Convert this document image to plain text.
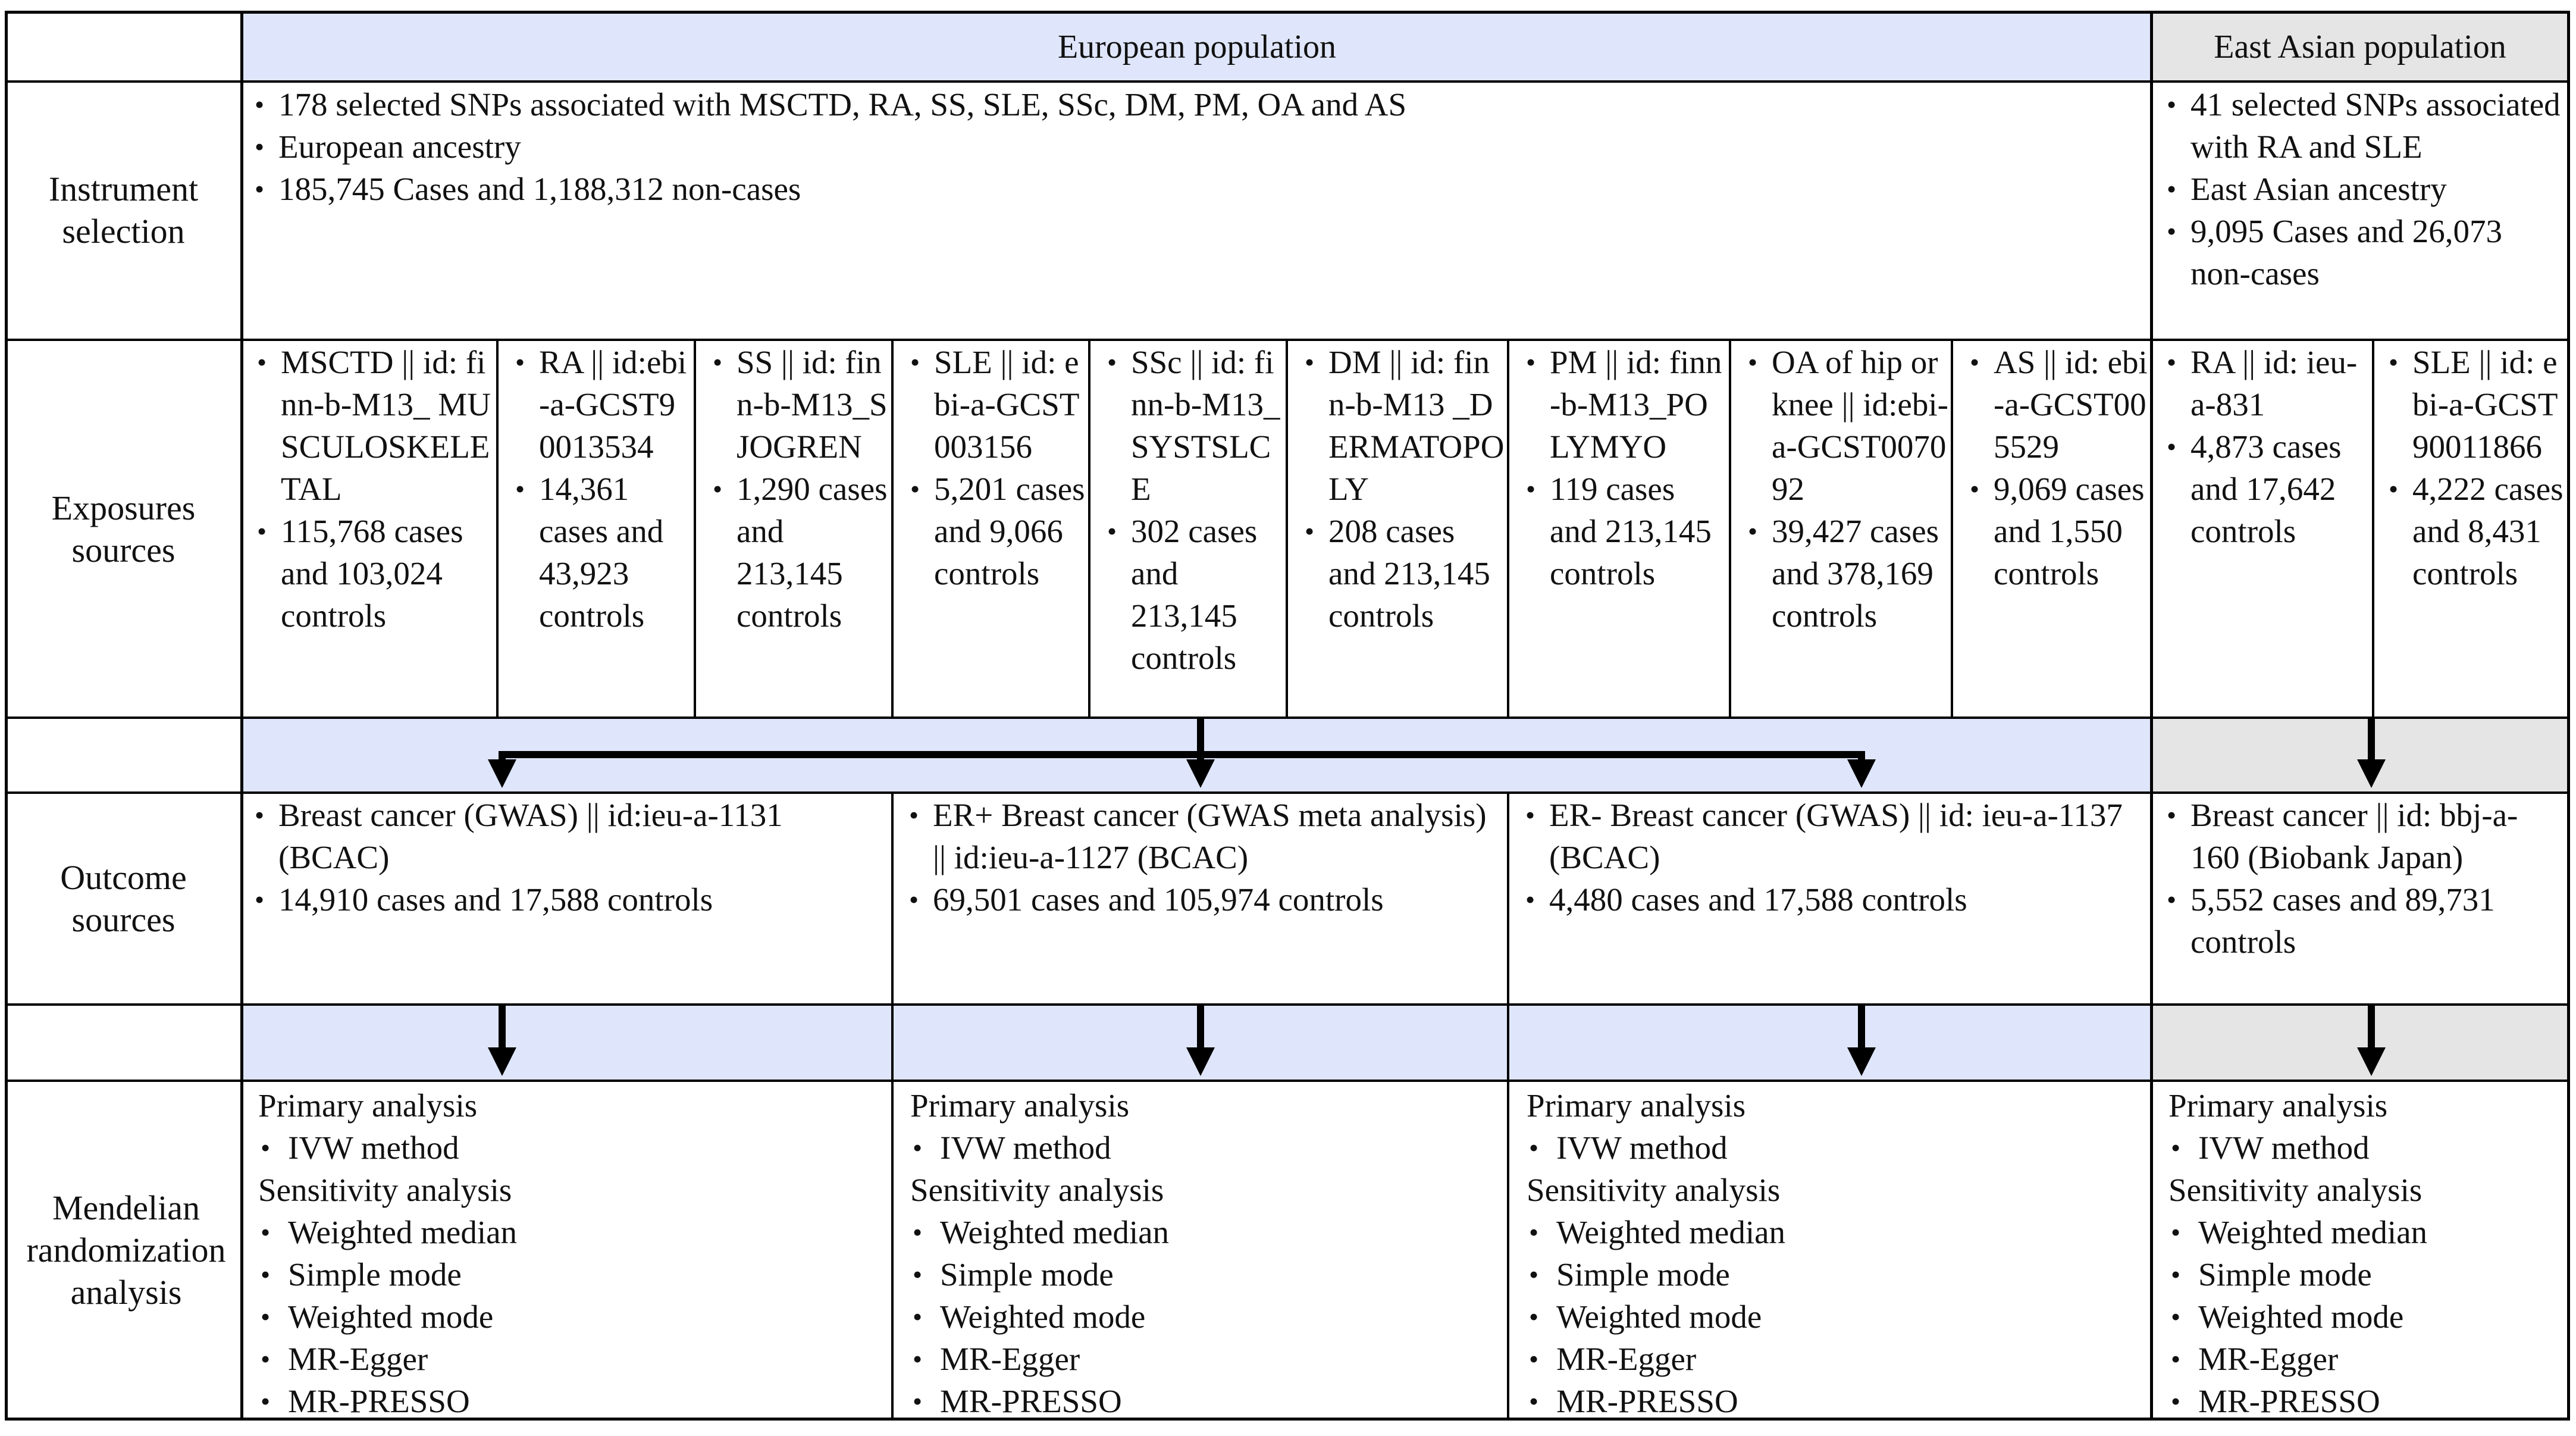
European population	East Asian population
Instrument selection
Exposures sources
Outcome sources
Mendelian randomization analysis
• 178 selected SNPs associated with MSCTD, RA, SS, SLE, SSc, DM, PM, OA and AS
• European ancestry
• 185,745 Cases and 1,188,312 non-cases
• 41 selected SNPs associated with RA and SLE
• East Asian ancestry
• 9,095 Cases and 26,073 non-cases
• MSCTD || id: finn-b-M13_ MUSCULOSKELETAL
• 115,768 cases and 103,024 controls
• RA || id:ebi-a-GCST90013534
• 14,361 cases and 43,923 controls
• SS || id: finn-b-M13_SJOGREN
• 1,290 cases and 213,145 controls
• SLE || id: ebi-a-GCST003156
• 5,201 cases and 9,066 controls
• SSc || id: finn-b-M13_SYSTSLCE
• 302 cases and 213,145 controls
• DM || id: finn-b-M13 _DERMATOPOLY
• 208 cases and 213,145 controls
• PM || id: finn-b-M13_POLYMYO
• 119 cases and 213,145 controls
• OA of hip or knee || id:ebi-a-GCST007092
• 39,427 cases and 378,169 controls
• AS || id: ebi-a-GCST005529
• 9,069 cases and 1,550 controls
• RA || id: ieu-a-831
• 4,873 cases and 17,642 controls
• SLE || id: ebi-a-GCST90011866
• 4,222 cases and 8,431 controls
• Breast cancer (GWAS) || id:ieu-a-1131 (BCAC)
• 14,910 cases and 17,588 controls
• ER+ Breast cancer (GWAS meta analysis) || id:ieu-a-1127 (BCAC)
• 69,501 cases and 105,974 controls
• ER- Breast cancer (GWAS) || id: ieu-a-1137 (BCAC)
• 4,480 cases and 17,588 controls
• Breast cancer || id: bbj-a-160 (Biobank Japan)
• 5,552 cases and 89,731 controls

Primary analysis

• IVW method

Sensitivity analysis

• Weighted median
• Simple mode
• Weighted mode
• MR-Egger
• MR-PRESSO

Primary analysis

• IVW method

Sensitivity analysis

• Weighted median
• Simple mode
• Weighted mode
• MR-Egger
• MR-PRESSO

Primary analysis

• IVW method

Sensitivity analysis

• Weighted median
• Simple mode
• Weighted mode
• MR-Egger
• MR-PRESSO

Primary analysis

• IVW method

Sensitivity analysis

• Weighted median
• Simple mode
• Weighted mode
• MR-Egger
• MR-PRESSO
